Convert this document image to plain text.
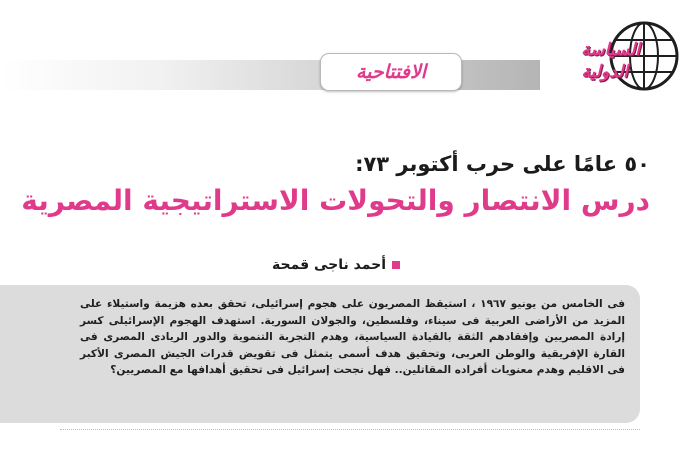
الافتتاحية
السياسة
الدولية
٥٠ عامًا على حرب أكتوبر ٧٣:
درس الانتصار والتحولات الاستراتيجية المصرية
أحمد ناجى قمحة
فى الخامس من يونيو ١٩٦٧ ، استيقظ المصريون على هجوم إسرائيلى، تحقق بعده هزيمة واستيلاء على المزيد من الأراضى العربية فى سيناء، وفلسطين، والجولان السورية. استهدف الهجوم الإسرائيلى كسر إرادة المصريين وإفقادهم الثقة بالقيادة السياسية، وهدم التجربة التنموية والدور الريادى المصرى فى القارة الإفريقية والوطن العربى، وتحقيق هدف أسمى يتمثل فى تقويض قدرات الجيش المصرى الأكبر فى الاقليم وهدم معنويات أفراده المقاتلين.. فهل نجحت إسرائيل فى تحقيق أهدافها مع المصريين؟
